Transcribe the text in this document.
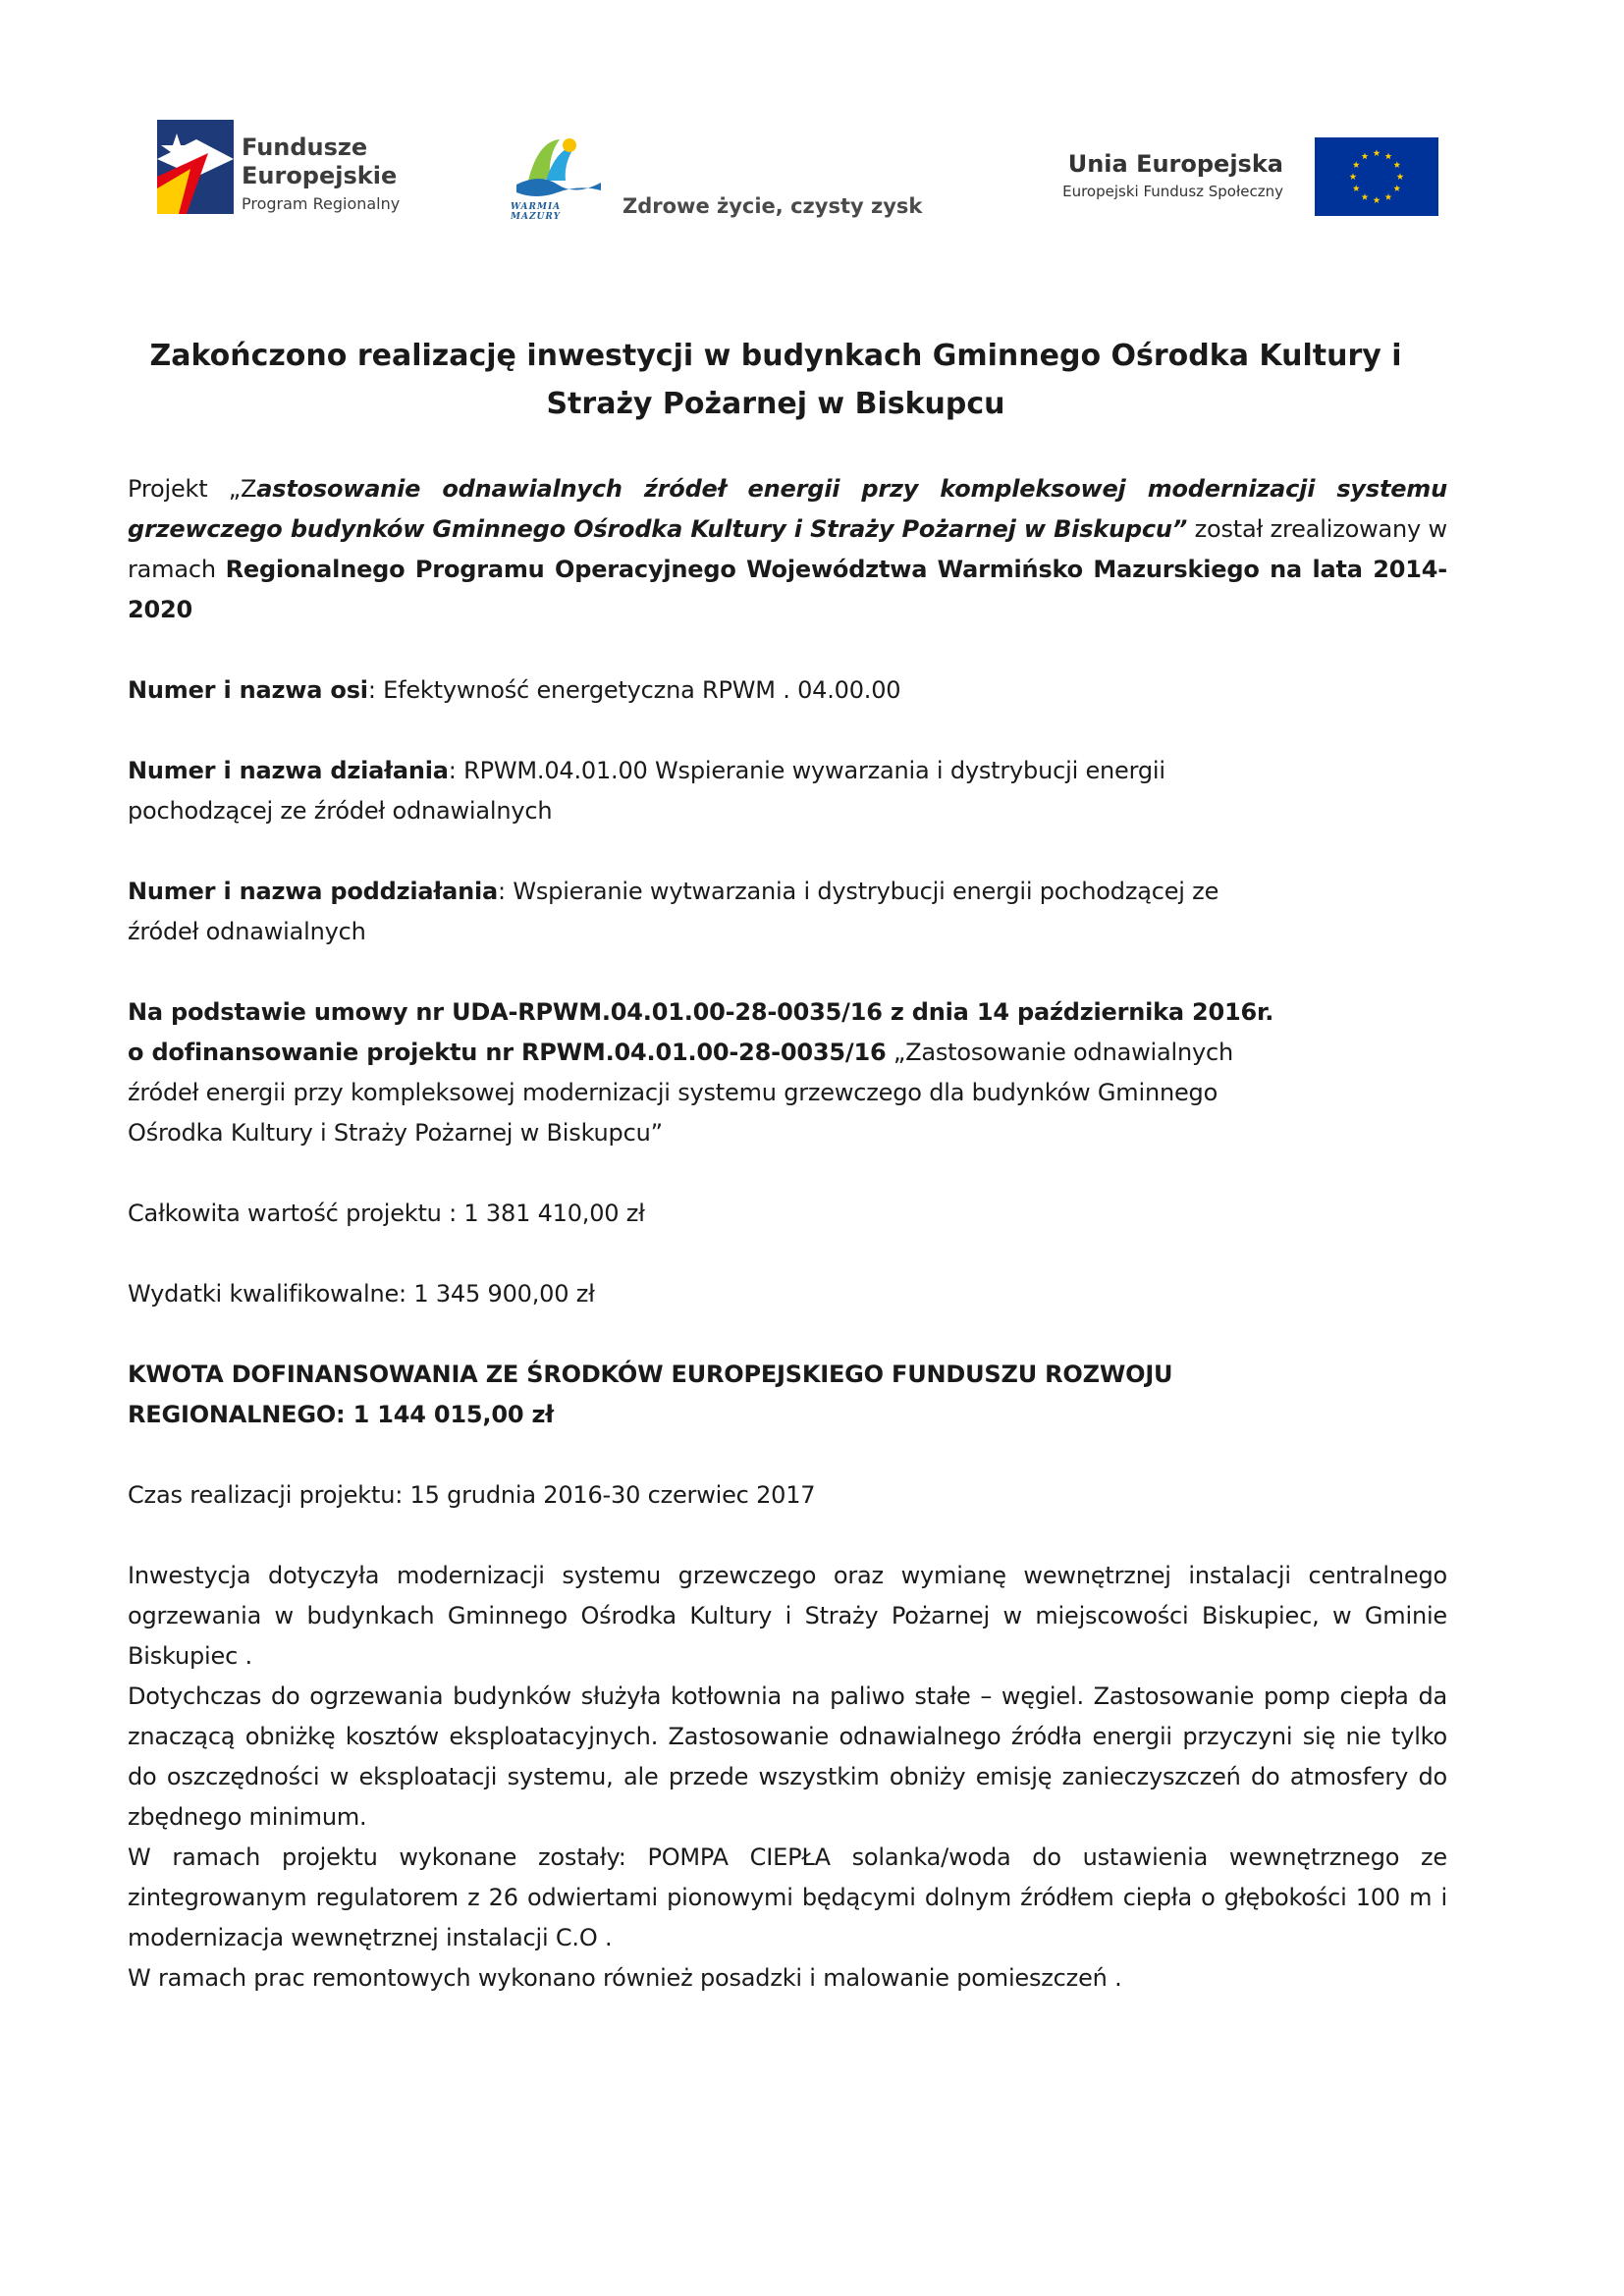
Fundusze
Europejskie
Program Regionalny	WARMIA MAZURY	Zdrowe życie, czysty zysk
Unia Europejska
Europejski Fundusz Społeczny
Zakończono realizację inwestycji w budynkach Gminnego Ośrodka Kultury i
Straży Pożarnej w Biskupcu

Projekt „Zastosowanie odnawialnych źródeł energii przy kompleksowej modernizacji systemu grzewczego budynków Gminnego Ośrodka Kultury i Straży Pożarnej w Biskupcu” został zrealizowany w ramach Regionalnego Programu Operacyjnego Województwa Warmińsko Mazurskiego na lata 2014-2020

Numer i nazwa osi: Efektywność energetyczna RPWM . 04.00.00

Numer i nazwa działania: RPWM.04.01.00 Wspieranie wywarzania i dystrybucji energii
pochodzącej ze źródeł odnawialnych

Numer i nazwa poddziałania: Wspieranie wytwarzania i dystrybucji energii pochodzącej ze
źródeł odnawialnych

Na podstawie umowy nr UDA-RPWM.04.01.00-28-0035/16 z dnia 14 października 2016r.
o dofinansowanie projektu nr RPWM.04.01.00-28-0035/16 „Zastosowanie odnawialnych
źródeł energii przy kompleksowej modernizacji systemu grzewczego dla budynków Gminnego
Ośrodka Kultury i Straży Pożarnej w Biskupcu”

Całkowita wartość projektu : 1 381 410,00 zł

Wydatki kwalifikowalne: 1 345 900,00 zł

KWOTA DOFINANSOWANIA ZE ŚRODKÓW EUROPEJSKIEGO FUNDUSZU ROZWOJU
REGIONALNEGO: 1 144 015,00 zł

Czas realizacji projektu: 15 grudnia 2016-30 czerwiec 2017

Inwestycja dotyczyła modernizacji systemu grzewczego oraz wymianę wewnętrznej instalacji centralnego ogrzewania w budynkach Gminnego Ośrodka Kultury i Straży Pożarnej w miejscowości Biskupiec, w Gminie Biskupiec .

Dotychczas do ogrzewania budynków służyła kotłownia na paliwo stałe – węgiel. Zastosowanie pomp ciepła da znaczącą obniżkę kosztów eksploatacyjnych. Zastosowanie odnawialnego źródła energii przyczyni się nie tylko do oszczędności w eksploatacji systemu, ale przede wszystkim obniży emisję zanieczyszczeń do atmosfery do zbędnego minimum.

W ramach projektu wykonane zostały: POMPA CIEPŁA solanka/woda do ustawienia wewnętrznego ze zintegrowanym regulatorem z 26 odwiertami pionowymi będącymi dolnym źródłem ciepła o głębokości 100 m i modernizacja wewnętrznej instalacji C.O .

W ramach prac remontowych wykonano również posadzki i malowanie pomieszczeń .
